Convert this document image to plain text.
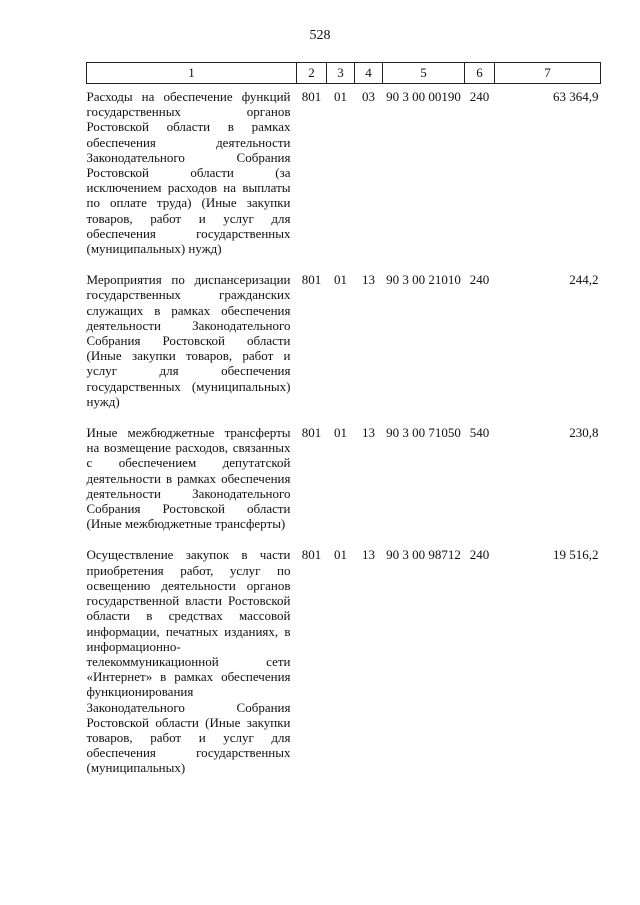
528
1	2	3	4	5	6	7
Расходы на обеспечение функций государственных органов Ростовской области в рамках обеспечения деятельности Законодательного Собрания Ростовской области (за исключением расходов на выплаты по оплате труда) (Иные закупки товаров, работ и услуг для обеспечения государственных (муниципальных) нужд)	801	01	03	90 3 00 00190	240	63 364,9
Мероприятия по диспансеризации государственных гражданских служащих в рамках обеспечения деятельности Законодательного Собрания Ростовской области (Иные закупки товаров, работ и услуг для обеспечения государственных (муниципальных) нужд)	801	01	13	90 3 00 21010	240	244,2
Иные межбюджетные трансферты на возмещение расходов, связанных с обеспечением депутатской деятельности в рамках обеспечения деятельности Законодательного Собрания Ростовской области (Иные межбюджетные трансферты)	801	01	13	90 3 00 71050	540	230,8
Осуществление закупок в части приобретения работ, услуг по освещению деятельности органов государственной власти Ростовской области в средствах массовой информации, печатных изданиях, в информационно-телекоммуникационной сети «Интернет» в рамках обеспечения функционирования Законодательного Собрания Ростовской области (Иные закупки товаров, работ и услуг для обеспечения государственных (муниципальных)	801	01	13	90 3 00 98712	240	19 516,2
